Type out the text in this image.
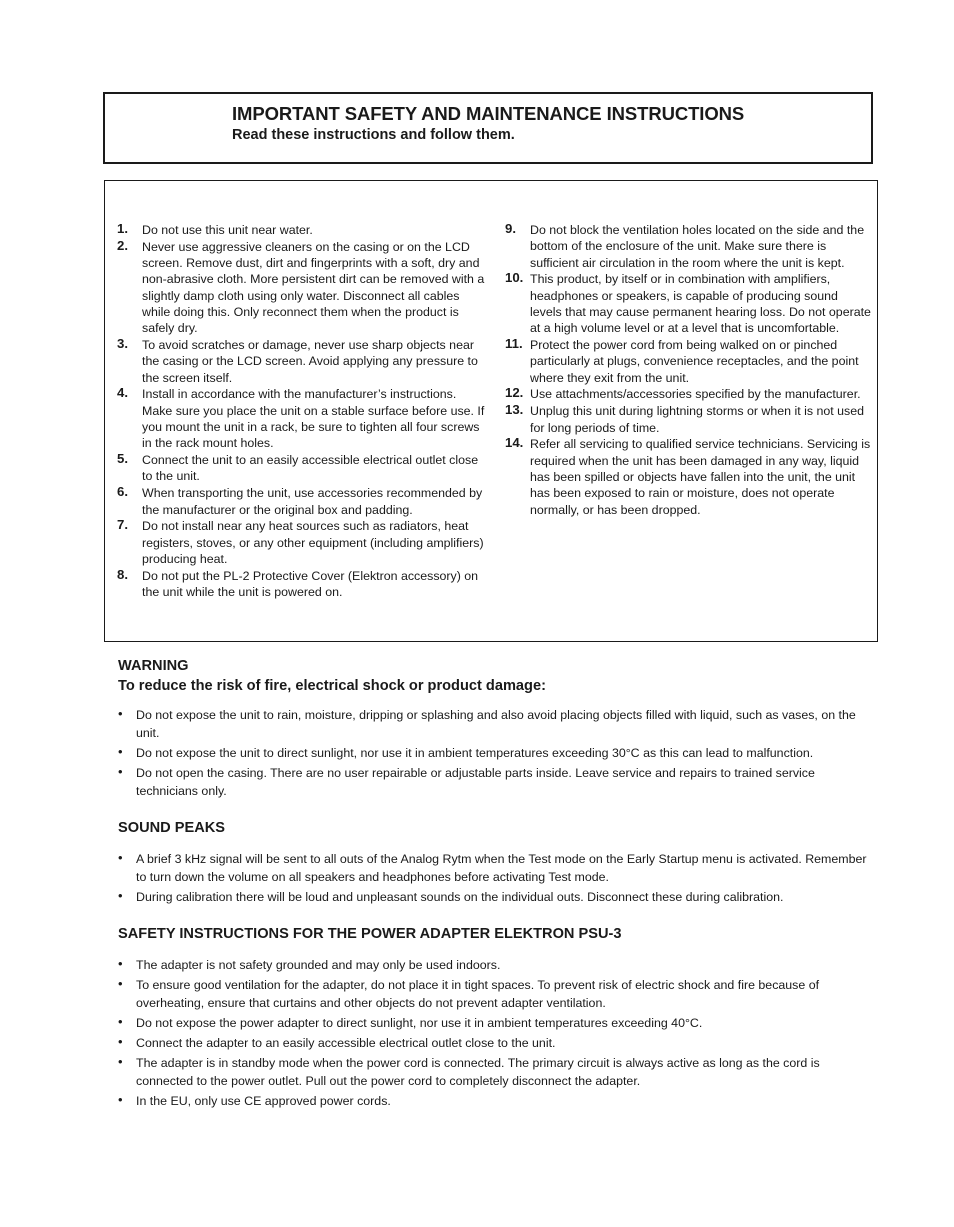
IMPORTANT SAFETY AND MAINTENANCE INSTRUCTIONS

Read these instructions and follow them.

1. Do not use this unit near water.
2. Never use aggressive cleaners on the casing or on the LCD screen. Remove dust, dirt and fingerprints with a soft, dry and non-abrasive cloth. More persistent dirt can be removed with a slightly damp cloth using only water. Disconnect all cables while doing this. Only reconnect them when the product is safely dry.
3. To avoid scratches or damage, never use sharp objects near the casing or the LCD screen. Avoid applying any pressure to the screen itself.
4. Install in accordance with the manufacturer’s instructions. Make sure you place the unit on a stable surface before use. If you mount the unit in a rack, be sure to tighten all four screws in the rack mount holes.
5. Connect the unit to an easily accessible electrical outlet close to the unit.
6. When transporting the unit, use accessories recommended by the manufacturer or the original box and padding.
7. Do not install near any heat sources such as radiators, heat registers, stoves, or any other equipment (including amplifiers) producing heat.
8. Do not put the PL-2 Protective Cover (Elektron accessory) on the unit while the unit is powered on.
9. Do not block the ventilation holes located on the side and the bottom of the enclosure of the unit. Make sure there is sufficient air circulation in the room where the unit is kept.
10. This product, by itself or in combination with amplifiers, headphones or speakers, is capable of producing sound levels that may cause permanent hearing loss. Do not operate at a high volume level or at a level that is uncomfortable.
11. Protect the power cord from being walked on or pinched particularly at plugs, convenience receptacles, and the point where they exit from the unit.
12. Use attachments/accessories specified by the manufacturer.
13. Unplug this unit during lightning storms or when it is not used for long periods of time.
14. Refer all servicing to qualified service technicians. Servicing is required when the unit has been damaged in any way, liquid has been spilled or objects have fallen into the unit, the unit has been exposed to rain or moisture, does not operate normally, or has been dropped.
WARNING

To reduce the risk of fire, electrical shock or product damage:

• Do not expose the unit to rain, moisture, dripping or splashing and also avoid placing objects filled with liquid, such as vases, on the unit.
• Do not expose the unit to direct sunlight, nor use it in ambient temperatures exceeding 30°C as this can lead to malfunction.
• Do not open the casing. There are no user repairable or adjustable parts inside. Leave service and repairs to trained service technicians only.
SOUND PEAKS
• A brief 3 kHz signal will be sent to all outs of the Analog Rytm when the Test mode on the Early Startup menu is activated. Remember to turn down the volume on all speakers and headphones before activating Test mode.
• During calibration there will be loud and unpleasant sounds on the individual outs. Disconnect these during calibration.
SAFETY INSTRUCTIONS FOR THE POWER ADAPTER ELEKTRON PSU-3
• The adapter is not safety grounded and may only be used indoors.
• To ensure good ventilation for the adapter, do not place it in tight spaces. To prevent risk of electric shock and fire because of overheating, ensure that curtains and other objects do not prevent adapter ventilation.
• Do not expose the power adapter to direct sunlight, nor use it in ambient temperatures exceeding 40°C.
• Connect the adapter to an easily accessible electrical outlet close to the unit.
• The adapter is in standby mode when the power cord is connected. The primary circuit is always active as long as the cord is connected to the power outlet. Pull out the power cord to completely disconnect the adapter.
• In the EU, only use CE approved power cords.
